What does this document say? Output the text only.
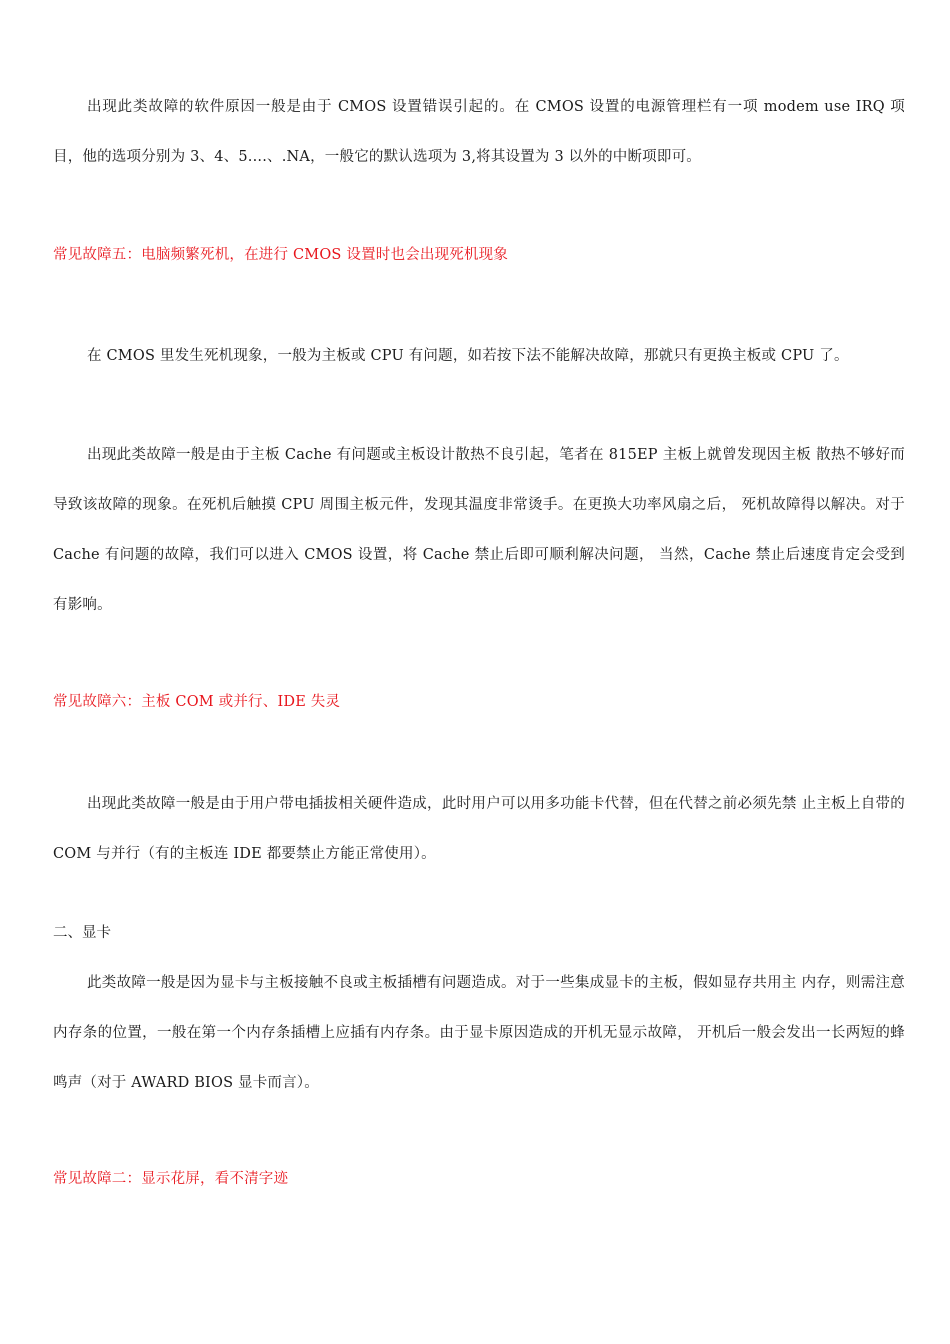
出现此类故障的软件原因一般是由于 CMOS 设置错误引起的。在 CMOS 设置的电源管理栏有一项 modem use IRQ 项目，他的选项分别为 3、4、5....、.NA，一般它的默认选项为 3,将其设置为 3 以外的中断项即可。

常见故障五：电脑频繁死机，在进行 CMOS 设置时也会出现死机现象

在 CMOS 里发生死机现象，一般为主板或 CPU 有问题，如若按下法不能解决故障，那就只有更换主板或 CPU 了。

出现此类故障一般是由于主板 Cache 有问题或主板设计散热不良引起，笔者在 815EP 主板上就曾发现因主板 散热不够好而导致该故障的现象。在死机后触摸 CPU 周围主板元件，发现其温度非常烫手。在更换大功率风扇之后， 死机故障得以解决。对于 Cache 有问题的故障，我们可以进入 CMOS 设置，将 Cache 禁止后即可顺利解决问题， 当然，Cache 禁止后速度肯定会受到有影响。

常见故障六：主板 COM 或并行、IDE 失灵

出现此类故障一般是由于用户带电插拔相关硬件造成，此时用户可以用多功能卡代替，但在代替之前必须先禁 止主板上自带的 COM 与并行（有的主板连 IDE 都要禁止方能正常使用）。

二、显卡

此类故障一般是因为显卡与主板接触不良或主板插槽有问题造成。对于一些集成显卡的主板，假如显存共用主 内存，则需注意内存条的位置，一般在第一个内存条插槽上应插有内存条。由于显卡原因造成的开机无显示故障， 开机后一般会发出一长两短的蜂鸣声（对于 AWARD BIOS 显卡而言）。

常见故障二：显示花屏，看不清字迹
